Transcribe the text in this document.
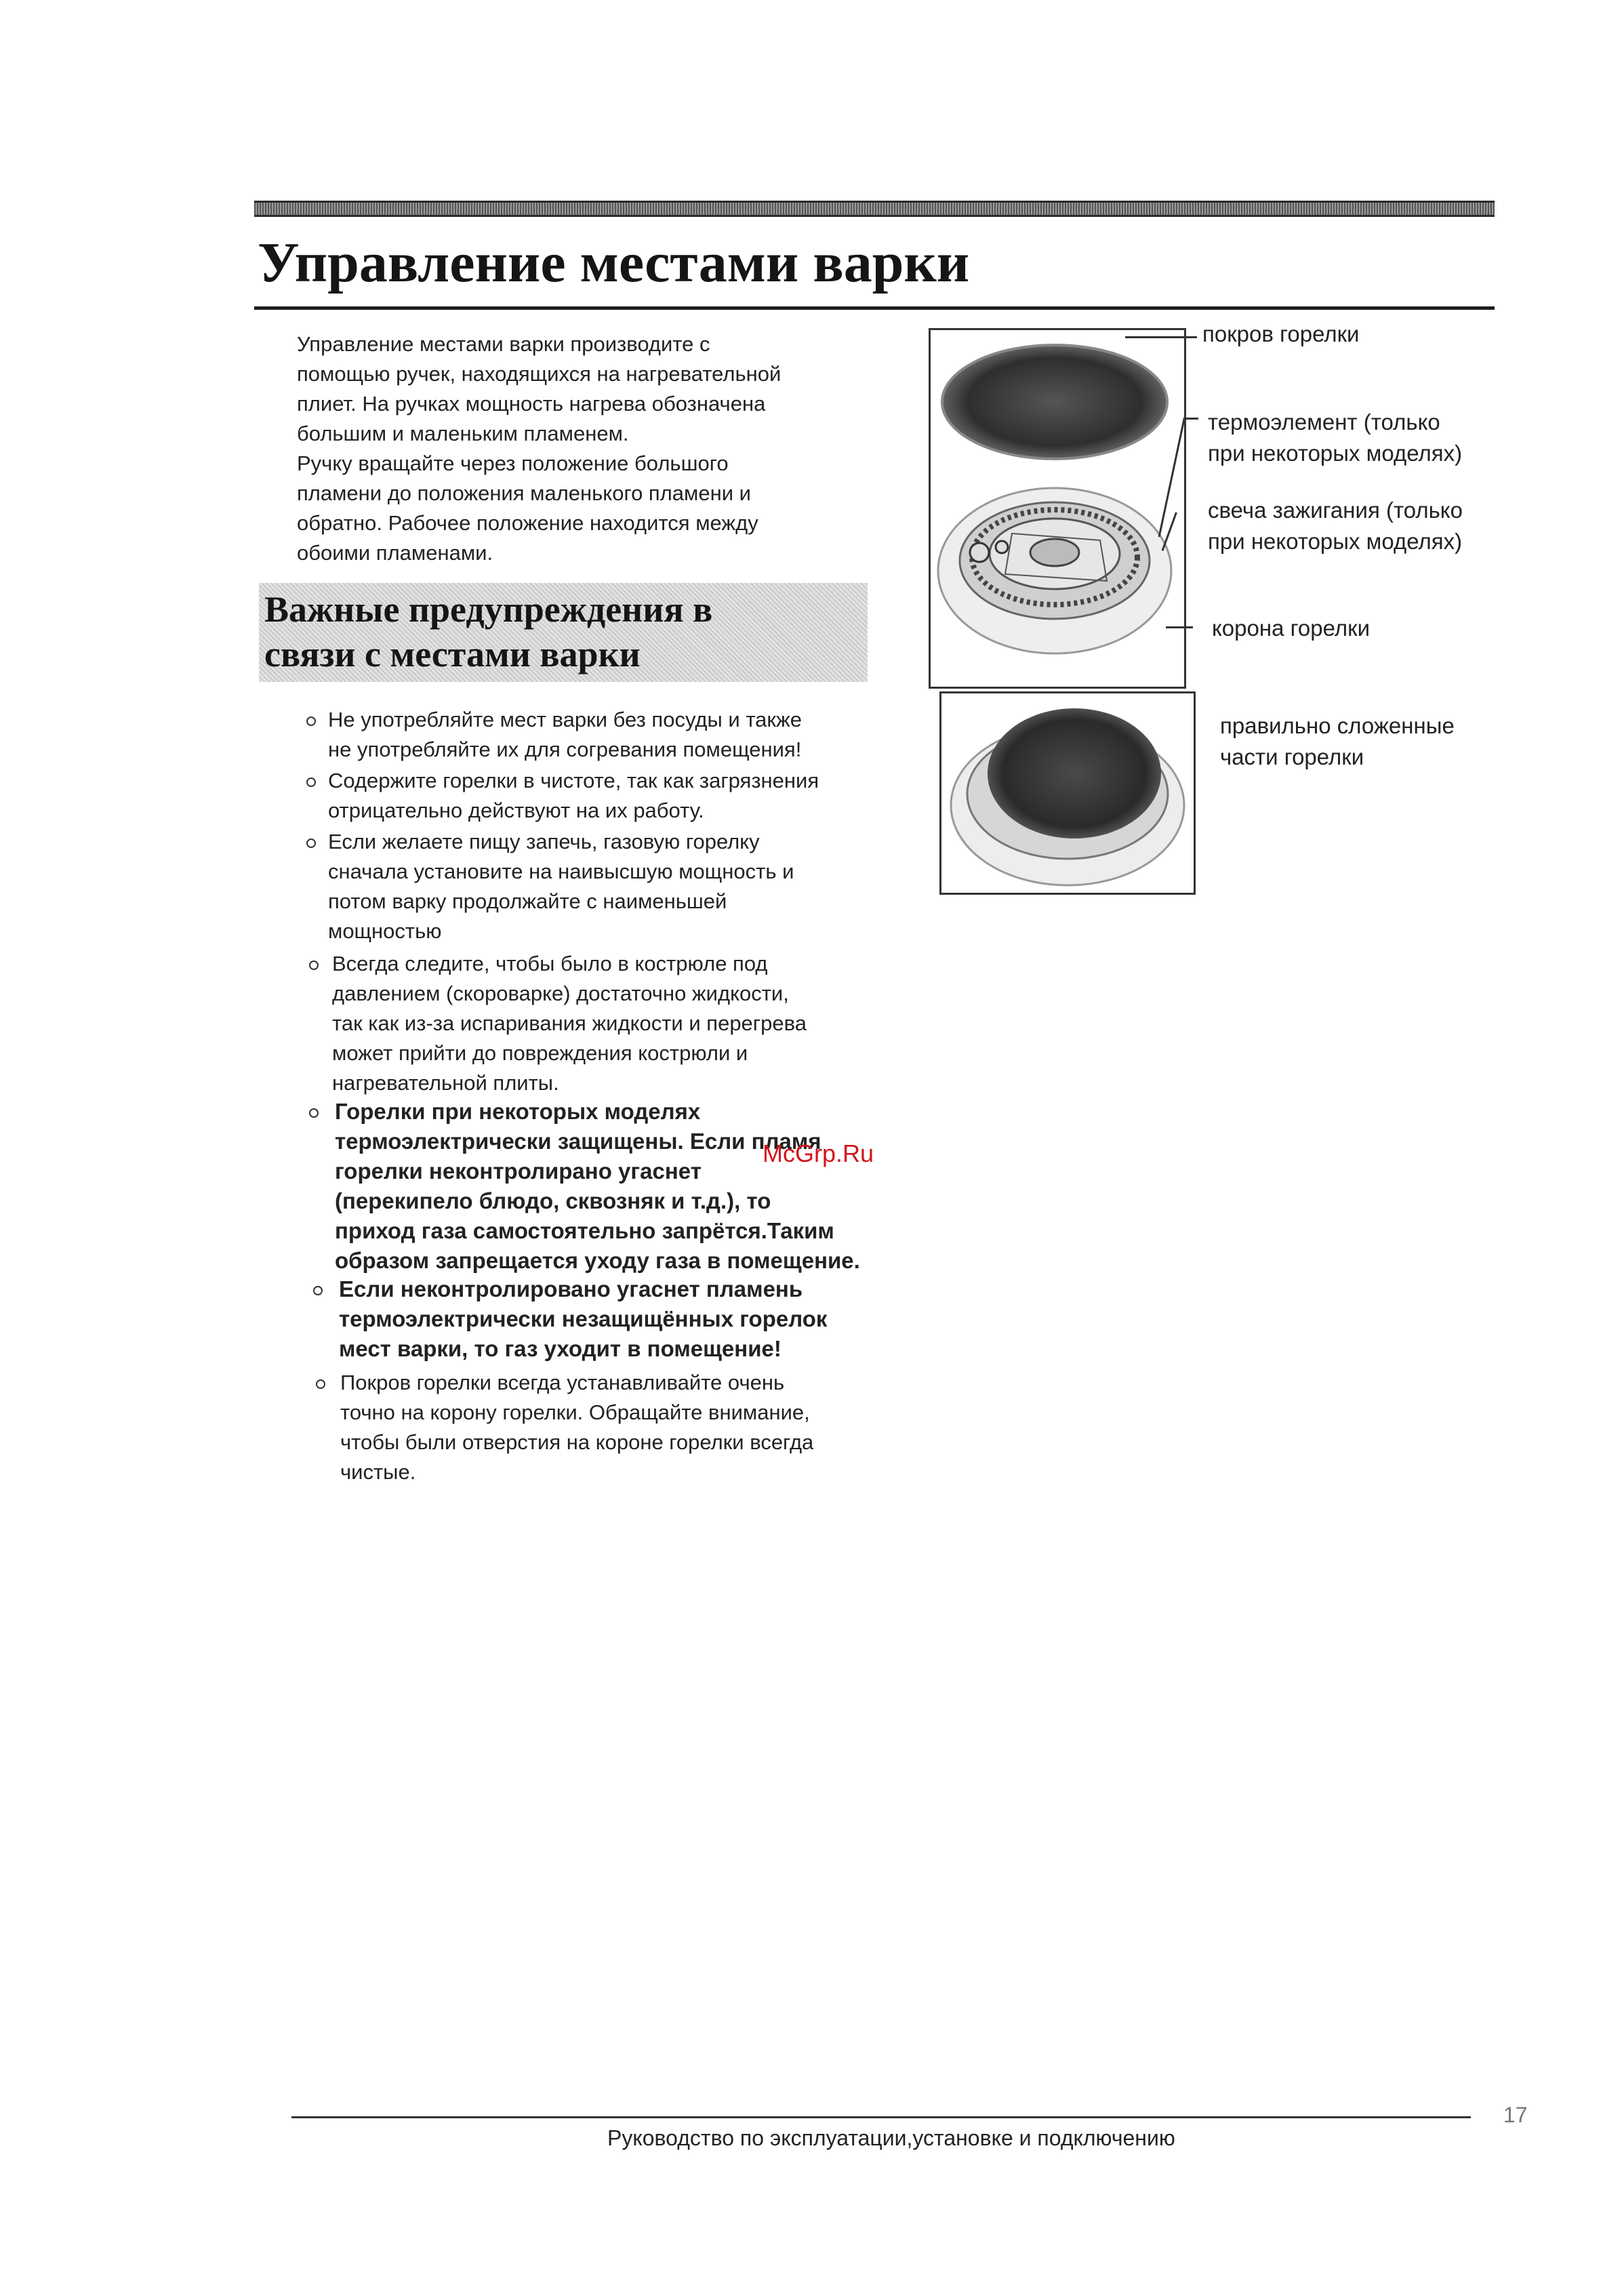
Управление местами варки
Управление местами варки производите с
помощью ручек, находящихся на нагревательной
плиет. На ручках мощность нагрева обозначена
большим и маленьким пламенем.
Ручку вращайте через положение большого
пламени до положения маленького пламени и
обратно. Рабочее положение находится между
обоими пламенами.
Важные предупреждения в
связи с местами варки
Не употребляйте мест варки без посуды и также
не употребляйте их для согревания помещения!
Содержите горелки в чистоте, так как загрязнения
отрицательно действуют на их работу.
Если желаете пищу запечь, газовую горелку
сначала установите на наивысшую мощность и
потом варку продолжайте с наименьшей
мощностью
Всегда следите, чтобы было в кострюле под
давлением (скороварке) достаточно жидкости,
так как из-за испаривания жидкости и перегрева
может прийти до повреждения кострюли и
нагревательной плиты.
Горелки при некоторых моделях
термоэлектрически защищены. Если пламя
горелки неконтролирано угаснет
(перекипело блюдо, сквозняк и т.д.), то
приход газа самостоятельно запрётся.Таким
образом запрещается уходу газа в помещение.
Если неконтролировано угаснет пламень
термоэлектрически незащищённых горелок
мест варки, то газ уходит в помещение!
Покров горелки всегда устанавливайте очень
точно на корону горелки. Обращайте внимание,
чтобы были отверстия на короне горелки всегда
чистые.
McGrp.Ru
покров горелки
термоэлемент (только
при некоторых моделях)
свеча зажигания (только
при некоторых моделях)
корона горелки
правильно сложенные
части горелки
Руководство по эксплуатации,установке и подключению
17
